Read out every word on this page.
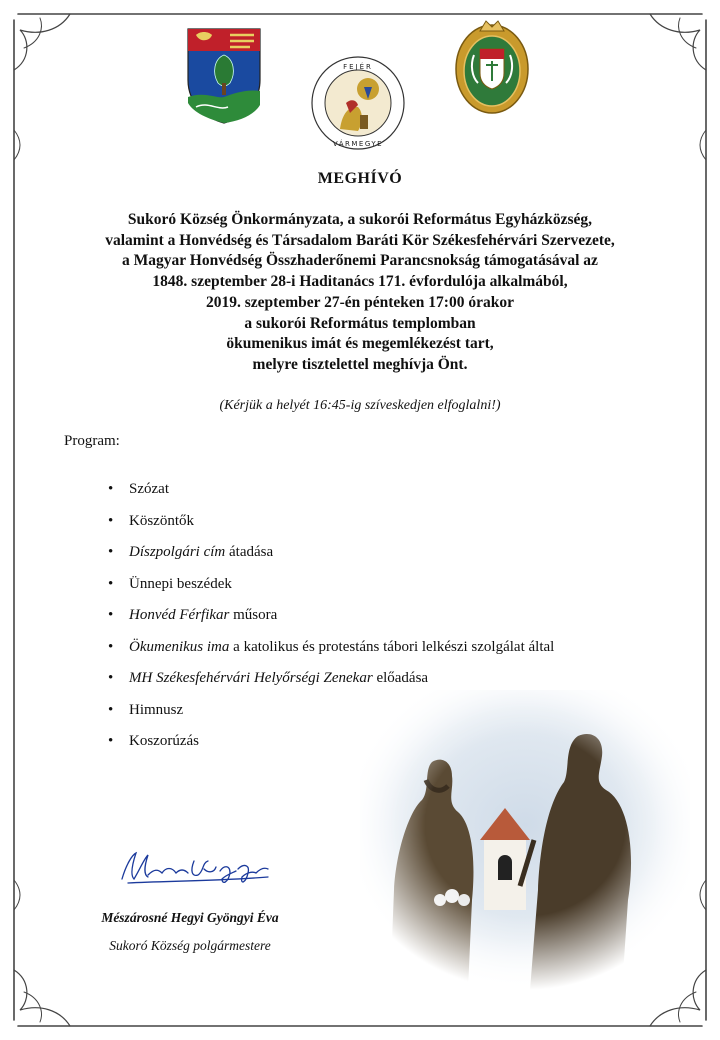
FEJÉR
VÁRMEGYE
MEGHÍVÓ
Sukoró Község Önkormányzata, a sukorói Református Egyházközség,
valamint a Honvédség és Társadalom Baráti Kör Székesfehérvári Szervezete,
a Magyar Honvédség Összhaderőnemi Parancsnokság támogatásával az
1848. szeptember 28-i Haditanács 171. évfordulója alkalmából,
2019. szeptember 27-én pénteken 17:00 órakor
a sukorói Református templomban
ökumenikus imát és megemlékezést tart,
melyre tisztelettel meghívja Önt.
(Kérjük a helyét 16:45-ig szíveskedjen elfoglalni!)
Program:
• Szózat
• Köszöntők
• Díszpolgári cím átadása
• Ünnepi beszédek
• Honvéd Férfikar műsora
• Ökumenikus ima a katolikus és protestáns tábori lelkészi szolgálat által
• MH Székesfehérvári Helyőrségi Zenekar előadása
• Himnusz
• Koszorúzás
Mészárosné Hegyi Gyöngyi Éva
Sukoró Község polgármestere
